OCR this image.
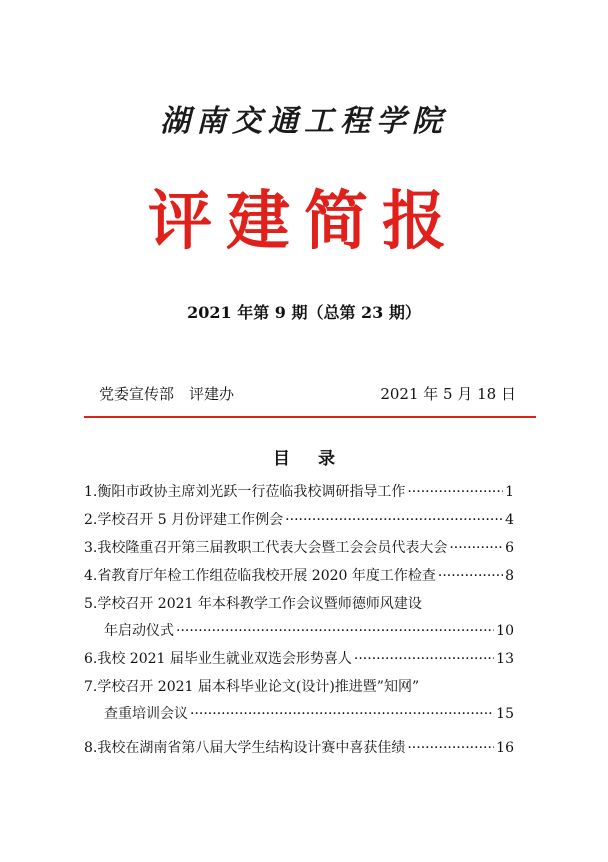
湖南交通工程学院
评建简报
2021 年第 9 期（总第 23 期）
党委宣传部　评建办	2021 年 5 月 18 日
目录
1.衡阳市政协主席刘光跃一行莅临我校调研指导工作 ·····	1
2.学校召开 5 月份评建工作例会 ·····	4
3.我校隆重召开第三届教职工代表大会暨工会会员代表大会 ·····	6
4.省教育厅年检工作组莅临我校开展 2020 年度工作检查 ·····	8
5.学校召开 2021 年本科教学工作会议暨师德师风建设
年启动仪式 ·····	10
6.我校 2021 届毕业生就业双选会形势喜人 ·····	13
7.学校召开 2021 届本科毕业论文(设计)推进暨”知网”
查重培训会议 ·····	15
8.我校在湖南省第八届大学生结构设计赛中喜获佳绩 ·····	16
